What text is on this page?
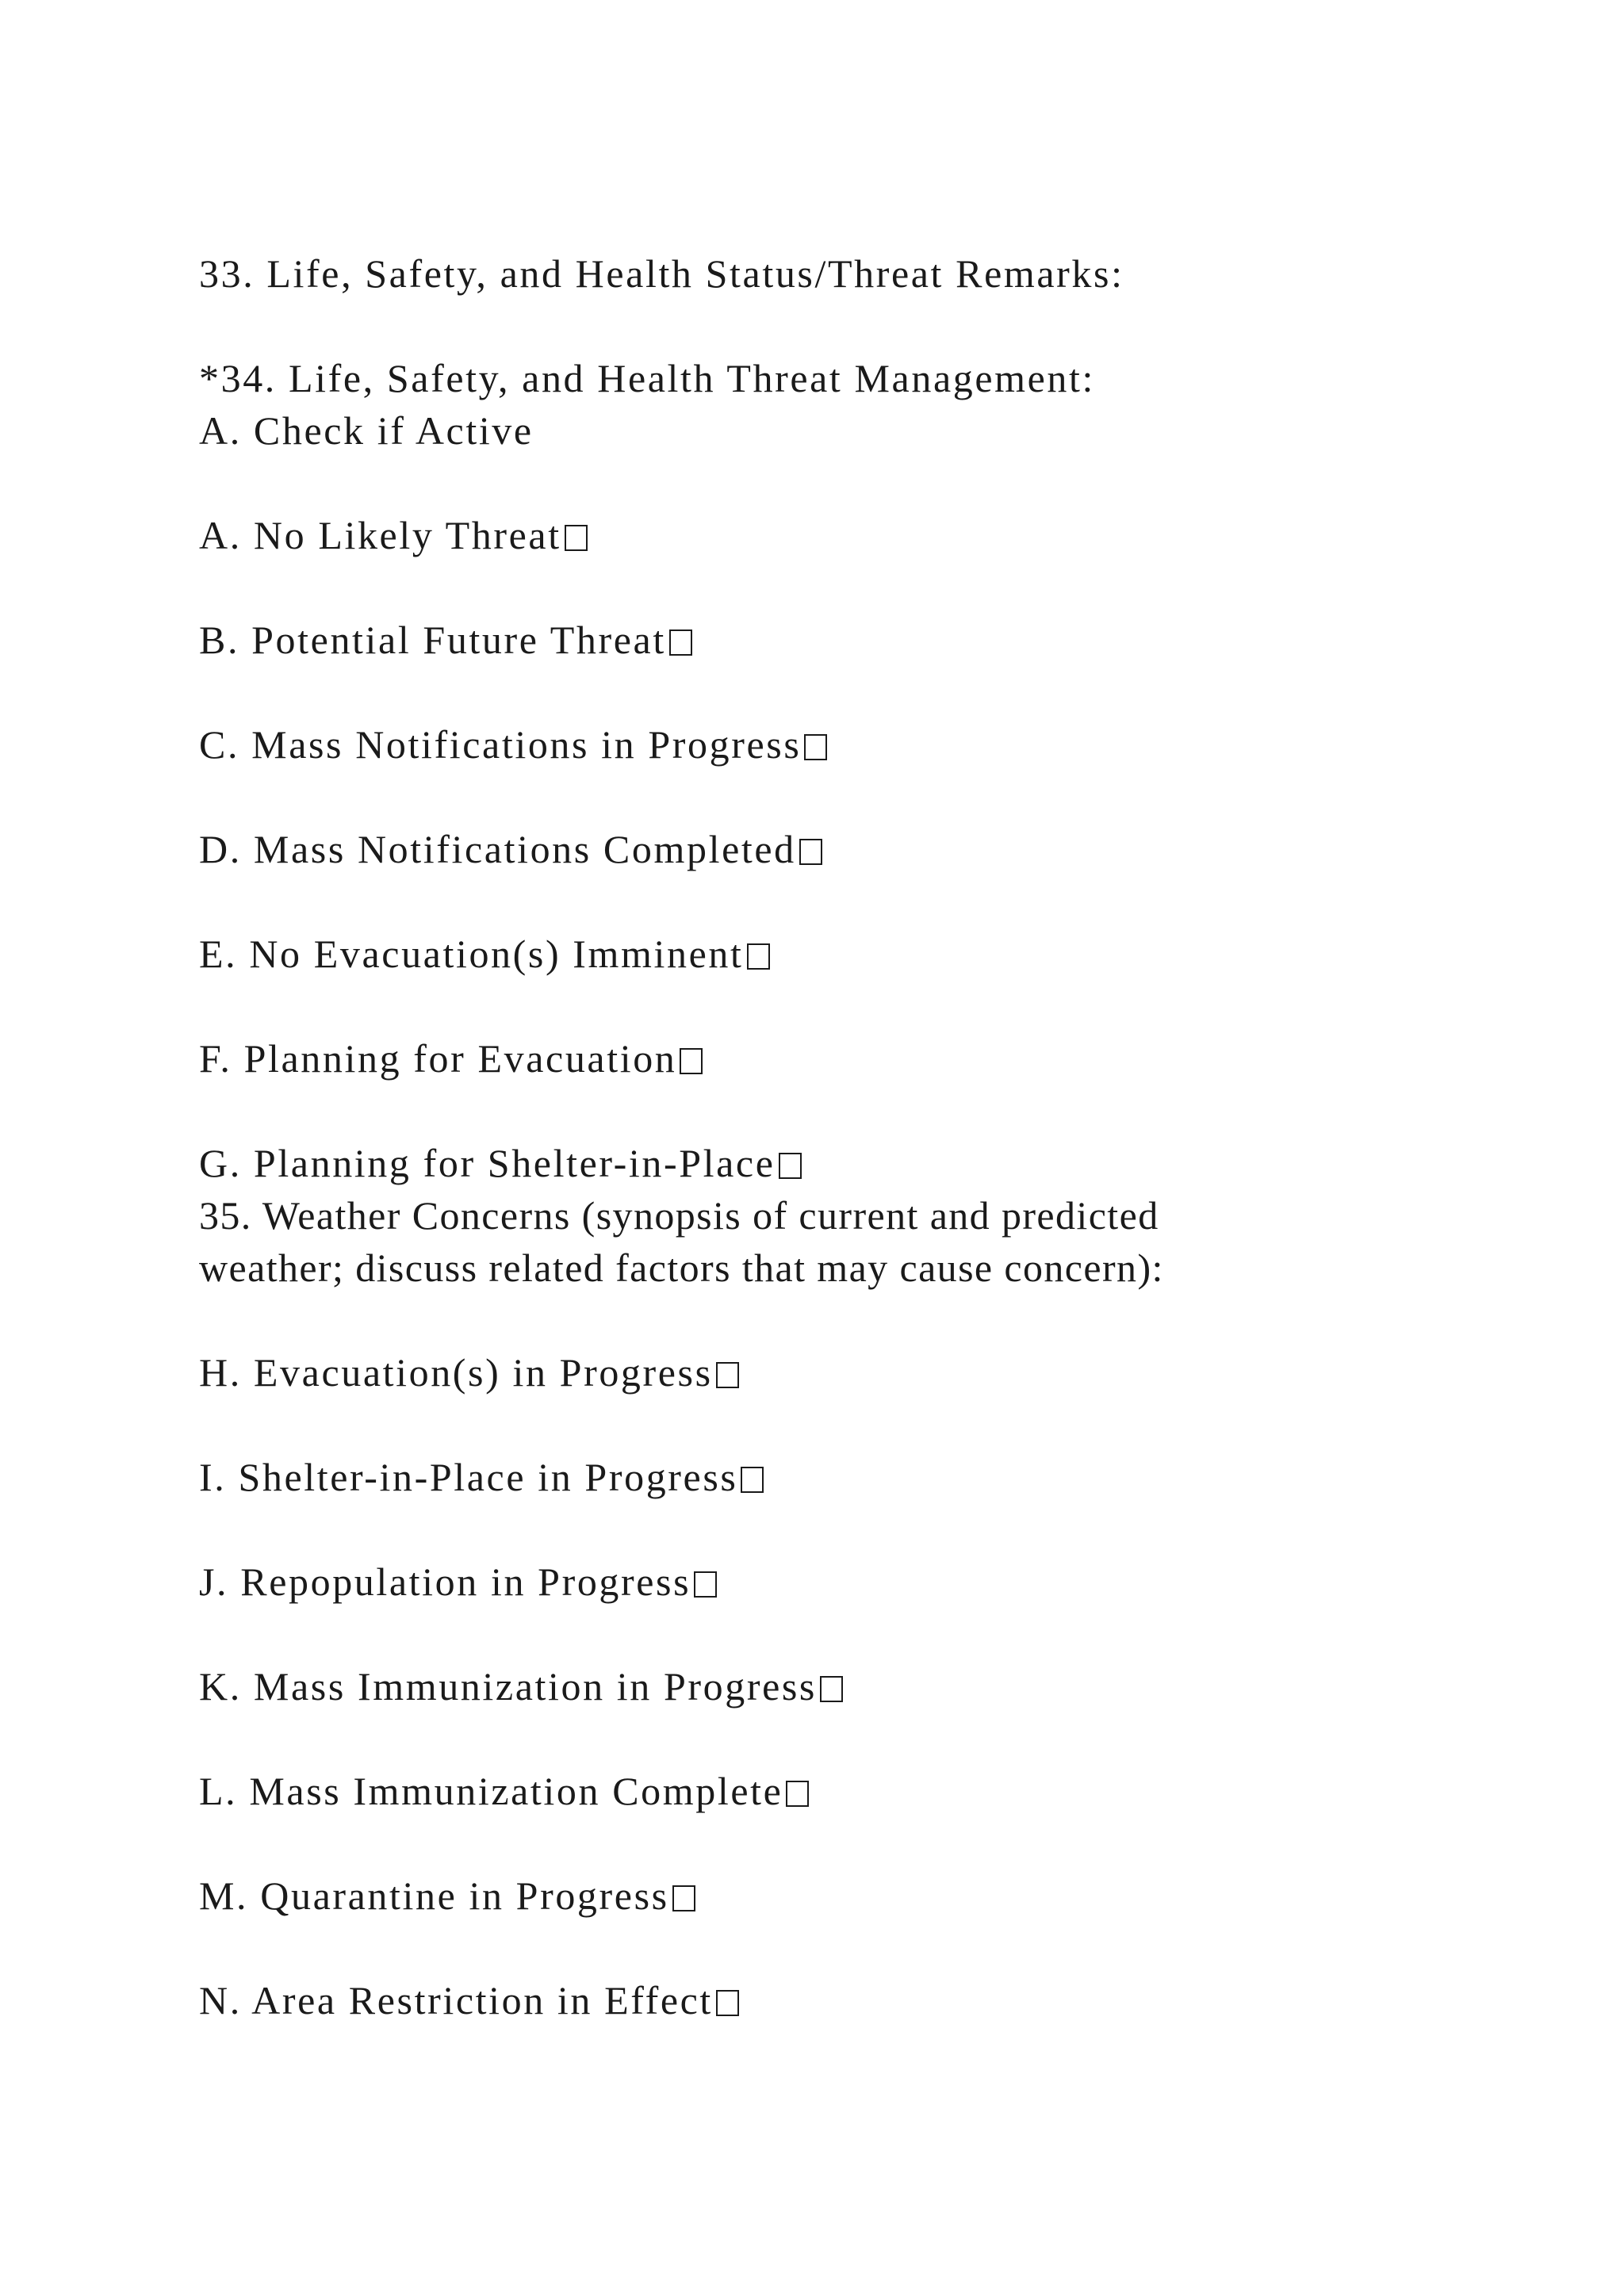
33. Life, Safety, and Health Status/Threat Remarks:

*34. Life, Safety, and Health Threat Management:

A. Check if Active

A. No Likely Threat
B. Potential Future Threat
C. Mass Notifications in Progress
D. Mass Notifications Completed
E. No Evacuation(s) Imminent
F. Planning for Evacuation
G. Planning for Shelter-in-Place

35. Weather Concerns (synopsis of current and predicted

weather; discuss related factors that may cause concern):

H. Evacuation(s) in Progress
I. Shelter-in-Place in Progress
J. Repopulation in Progress
K. Mass Immunization in Progress
L. Mass Immunization Complete
M. Quarantine in Progress
N. Area Restriction in Effect
